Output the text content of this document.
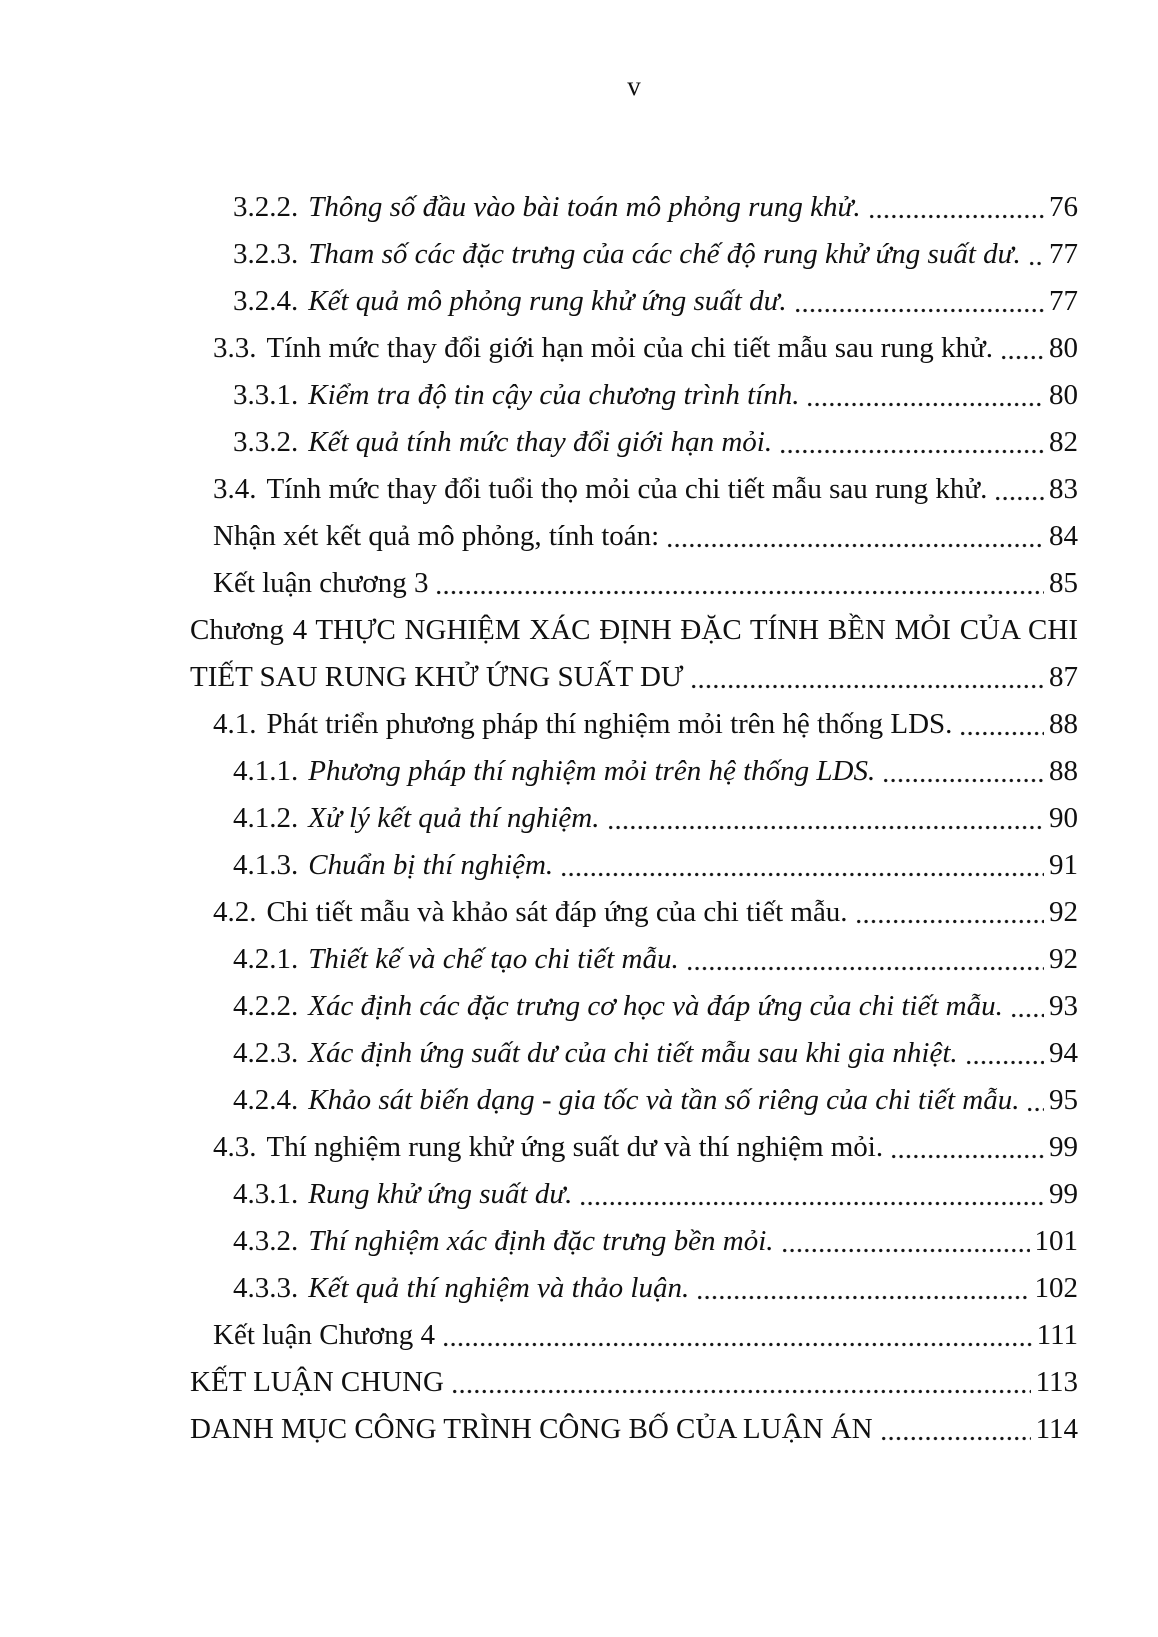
v
3.2.2. Thông số đầu vào bài toán mô phỏng rung khử.	76
3.2.3. Tham số các đặc trưng của các chế độ rung khử ứng suất dư. 77
3.2.4. Kết quả mô phỏng rung khử ứng suất dư.	77
3.3. Tính mức thay đổi giới hạn mỏi của chi tiết mẫu sau rung khử. 80
3.3.1. Kiểm tra độ tin cậy của chương trình tính.	80
3.3.2. Kết quả tính mức thay đổi giới hạn mỏi.	82
3.4. Tính mức thay đổi tuổi thọ mỏi của chi tiết mẫu sau rung khử. 83
Nhận xét kết quả mô phỏng, tính toán:	84
Kết luận chương 3	85
Chương 4 THỰC NGHIỆM XÁC ĐỊNH ĐẶC TÍNH BỀN MỎI CỦA CHI
TIẾT SAU RUNG KHỬ ỨNG SUẤT DƯ	87
4.1. Phát triển phương pháp thí nghiệm mỏi trên hệ thống LDS.	88
4.1.1. Phương pháp thí nghiệm mỏi trên hệ thống LDS.	88
4.1.2. Xử lý kết quả thí nghiệm.	90
4.1.3. Chuẩn bị thí nghiệm.	91
4.2. Chi tiết mẫu và khảo sát đáp ứng của chi tiết mẫu.	92
4.2.1. Thiết kế và chế tạo chi tiết mẫu.	92
4.2.2. Xác định các đặc trưng cơ học và đáp ứng của chi tiết mẫu. 93
4.2.3. Xác định ứng suất dư của chi tiết mẫu sau khi gia nhiệt.	94
4.2.4. Khảo sát biến dạng - gia tốc và tần số riêng của chi tiết mẫu. 95
4.3. Thí nghiệm rung khử ứng suất dư và thí nghiệm mỏi.	99
4.3.1. Rung khử ứng suất dư.	99
4.3.2. Thí nghiệm xác định đặc trưng bền mỏi.	101
4.3.3. Kết quả thí nghiệm và thảo luận.	102
Kết luận Chương 4	111
KẾT LUẬN CHUNG	113
DANH MỤC CÔNG TRÌNH CÔNG BỐ CỦA LUẬN ÁN	114
